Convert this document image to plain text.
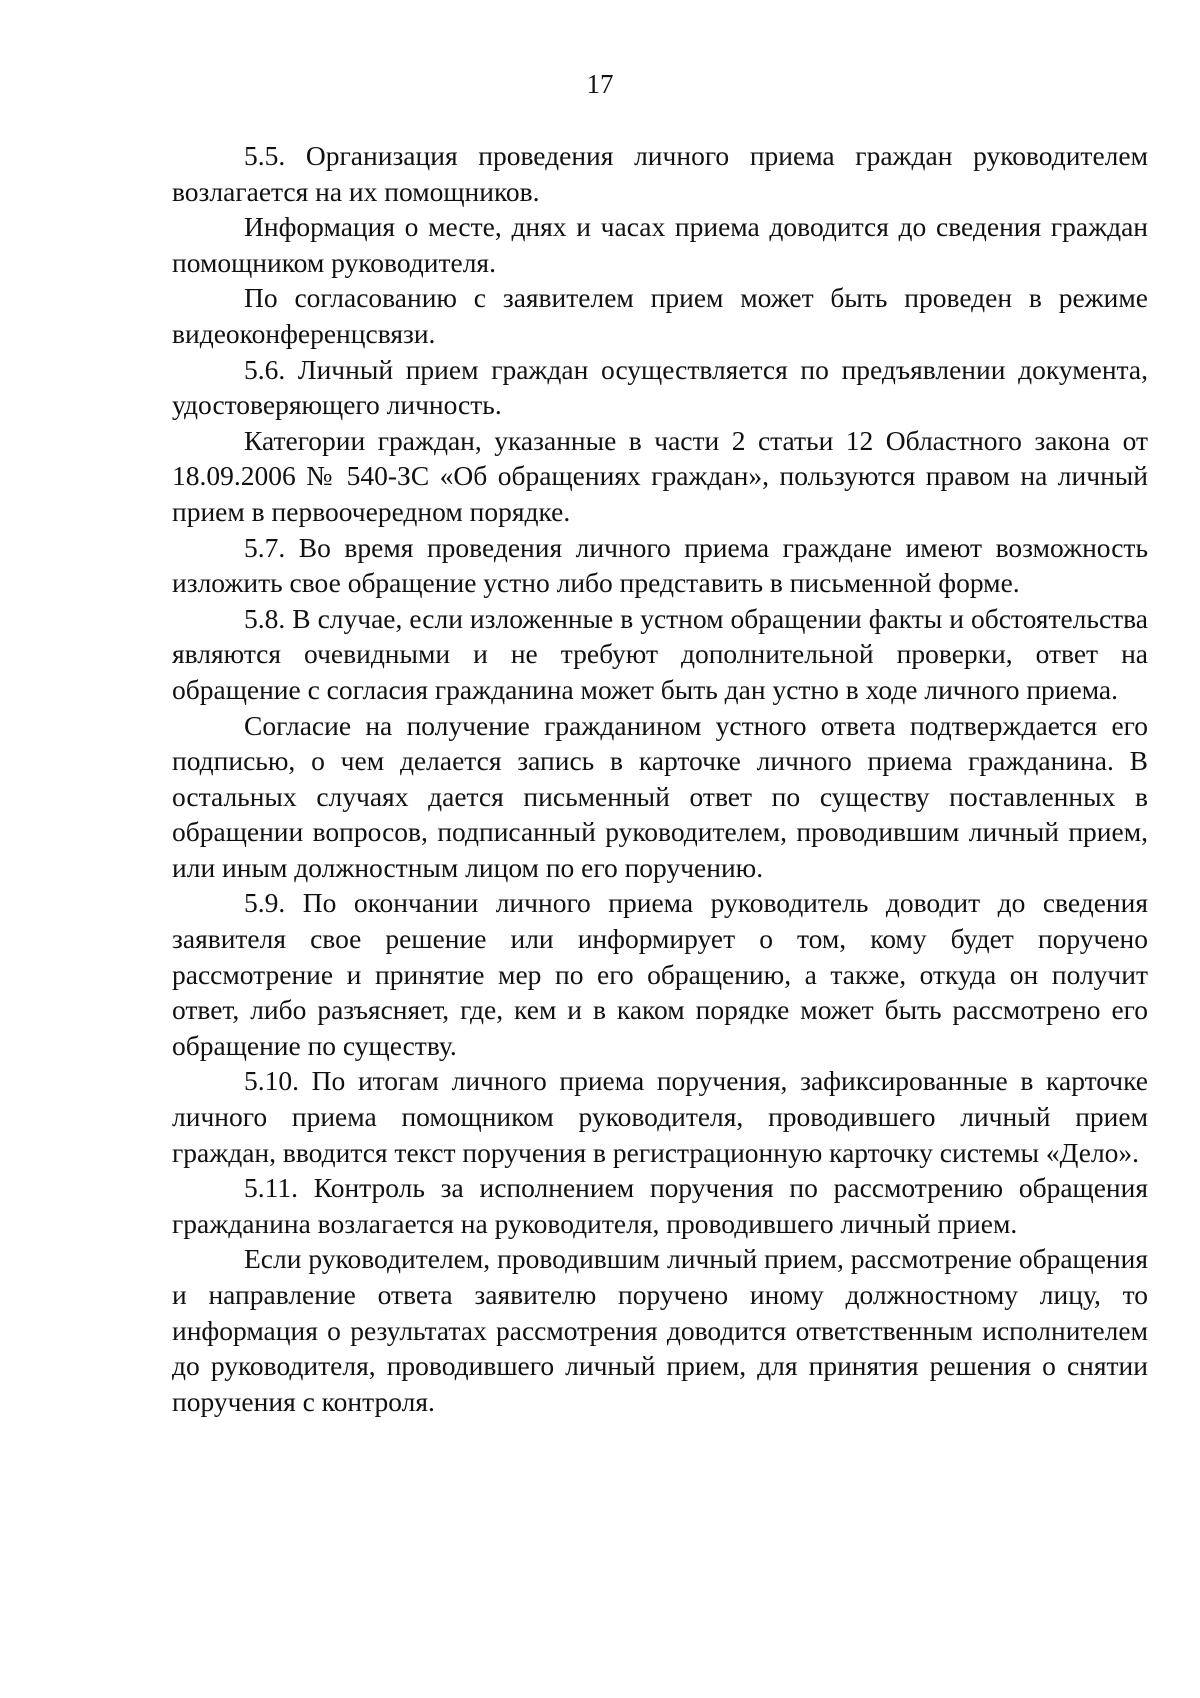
17

5.5. Организация проведения личного приема граждан руководителем возлагается на их помощников.

Информация о месте, днях и часах приема доводится до сведения граждан помощником руководителя.

По согласованию с заявителем прием может быть проведен в режиме видеоконференцсвязи.

5.6. Личный прием граждан осуществляется по предъявлении документа, удостоверяющего личность.

Категории граждан, указанные в части 2 статьи 12 Областного закона от 18.09.2006 № 540-ЗС «Об обращениях граждан», пользуются правом на личный прием в первоочередном порядке.

5.7. Во время проведения личного приема граждане имеют возможность изложить свое обращение устно либо представить в письменной форме.

5.8. В случае, если изложенные в устном обращении факты и обстоятельства являются очевидными и не требуют дополнительной проверки, ответ на обращение с согласия гражданина может быть дан устно в ходе личного приема.

Согласие на получение гражданином устного ответа подтверждается его подписью, о чем делается запись в карточке личного приема гражданина. В остальных случаях дается письменный ответ по существу поставленных в обращении вопросов, подписанный руководителем, проводившим личный прием, или иным должностным лицом по его поручению.

5.9. По окончании личного приема руководитель доводит до сведения заявителя свое решение или информирует о том, кому будет поручено рассмотрение и принятие мер по его обращению, а также, откуда он получит ответ, либо разъясняет, где, кем и в каком порядке может быть рассмотрено его обращение по существу.

5.10. По итогам личного приема поручения, зафиксированные в карточке личного приема помощником руководителя, проводившего личный прием граждан, вводится текст поручения в регистрационную карточку системы «Дело».

5.11. Контроль за исполнением поручения по рассмотрению обращения гражданина возлагается на руководителя, проводившего личный прием.

Если руководителем, проводившим личный прием, рассмотрение обращения и направление ответа заявителю поручено иному должностному лицу, то информация о результатах рассмотрения доводится ответственным исполнителем до руководителя, проводившего личный прием, для принятия решения о снятии поручения с контроля.
